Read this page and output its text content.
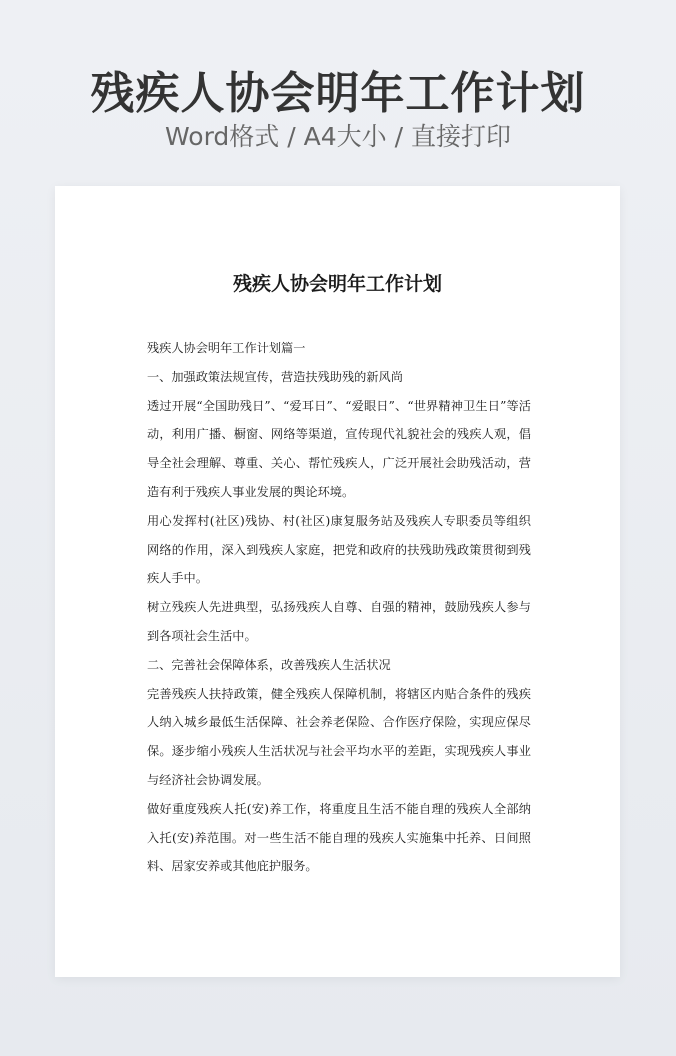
残疾人协会明年工作计划
Word格式 / A4大小 / 直接打印
残疾人协会明年工作计划

残疾人协会明年工作计划篇一

一、加强政策法规宣传，营造扶残助残的新风尚

透过开展“全国助残日”、“爱耳日”、“爱眼日”、“世界精神卫生日”等活动，利用广播、橱窗、网络等渠道，宣传现代礼貌社会的残疾人观，倡导全社会理解、尊重、关心、帮忙残疾人，广泛开展社会助残活动，营造有利于残疾人事业发展的舆论环境。

用心发挥村(社区)残协、村(社区)康复服务站及残疾人专职委员等组织网络的作用，深入到残疾人家庭，把党和政府的扶残助残政策贯彻到残疾人手中。

树立残疾人先进典型，弘扬残疾人自尊、自强的精神，鼓励残疾人参与到各项社会生活中。

二、完善社会保障体系，改善残疾人生活状况

完善残疾人扶持政策，健全残疾人保障机制，将辖区内贴合条件的残疾人纳入城乡最低生活保障、社会养老保险、合作医疗保险，实现应保尽保。逐步缩小残疾人生活状况与社会平均水平的差距，实现残疾人事业与经济社会协调发展。

做好重度残疾人托(安)养工作，将重度且生活不能自理的残疾人全部纳入托(安)养范围。对一些生活不能自理的残疾人实施集中托养、日间照料、居家安养或其他庇护服务。
